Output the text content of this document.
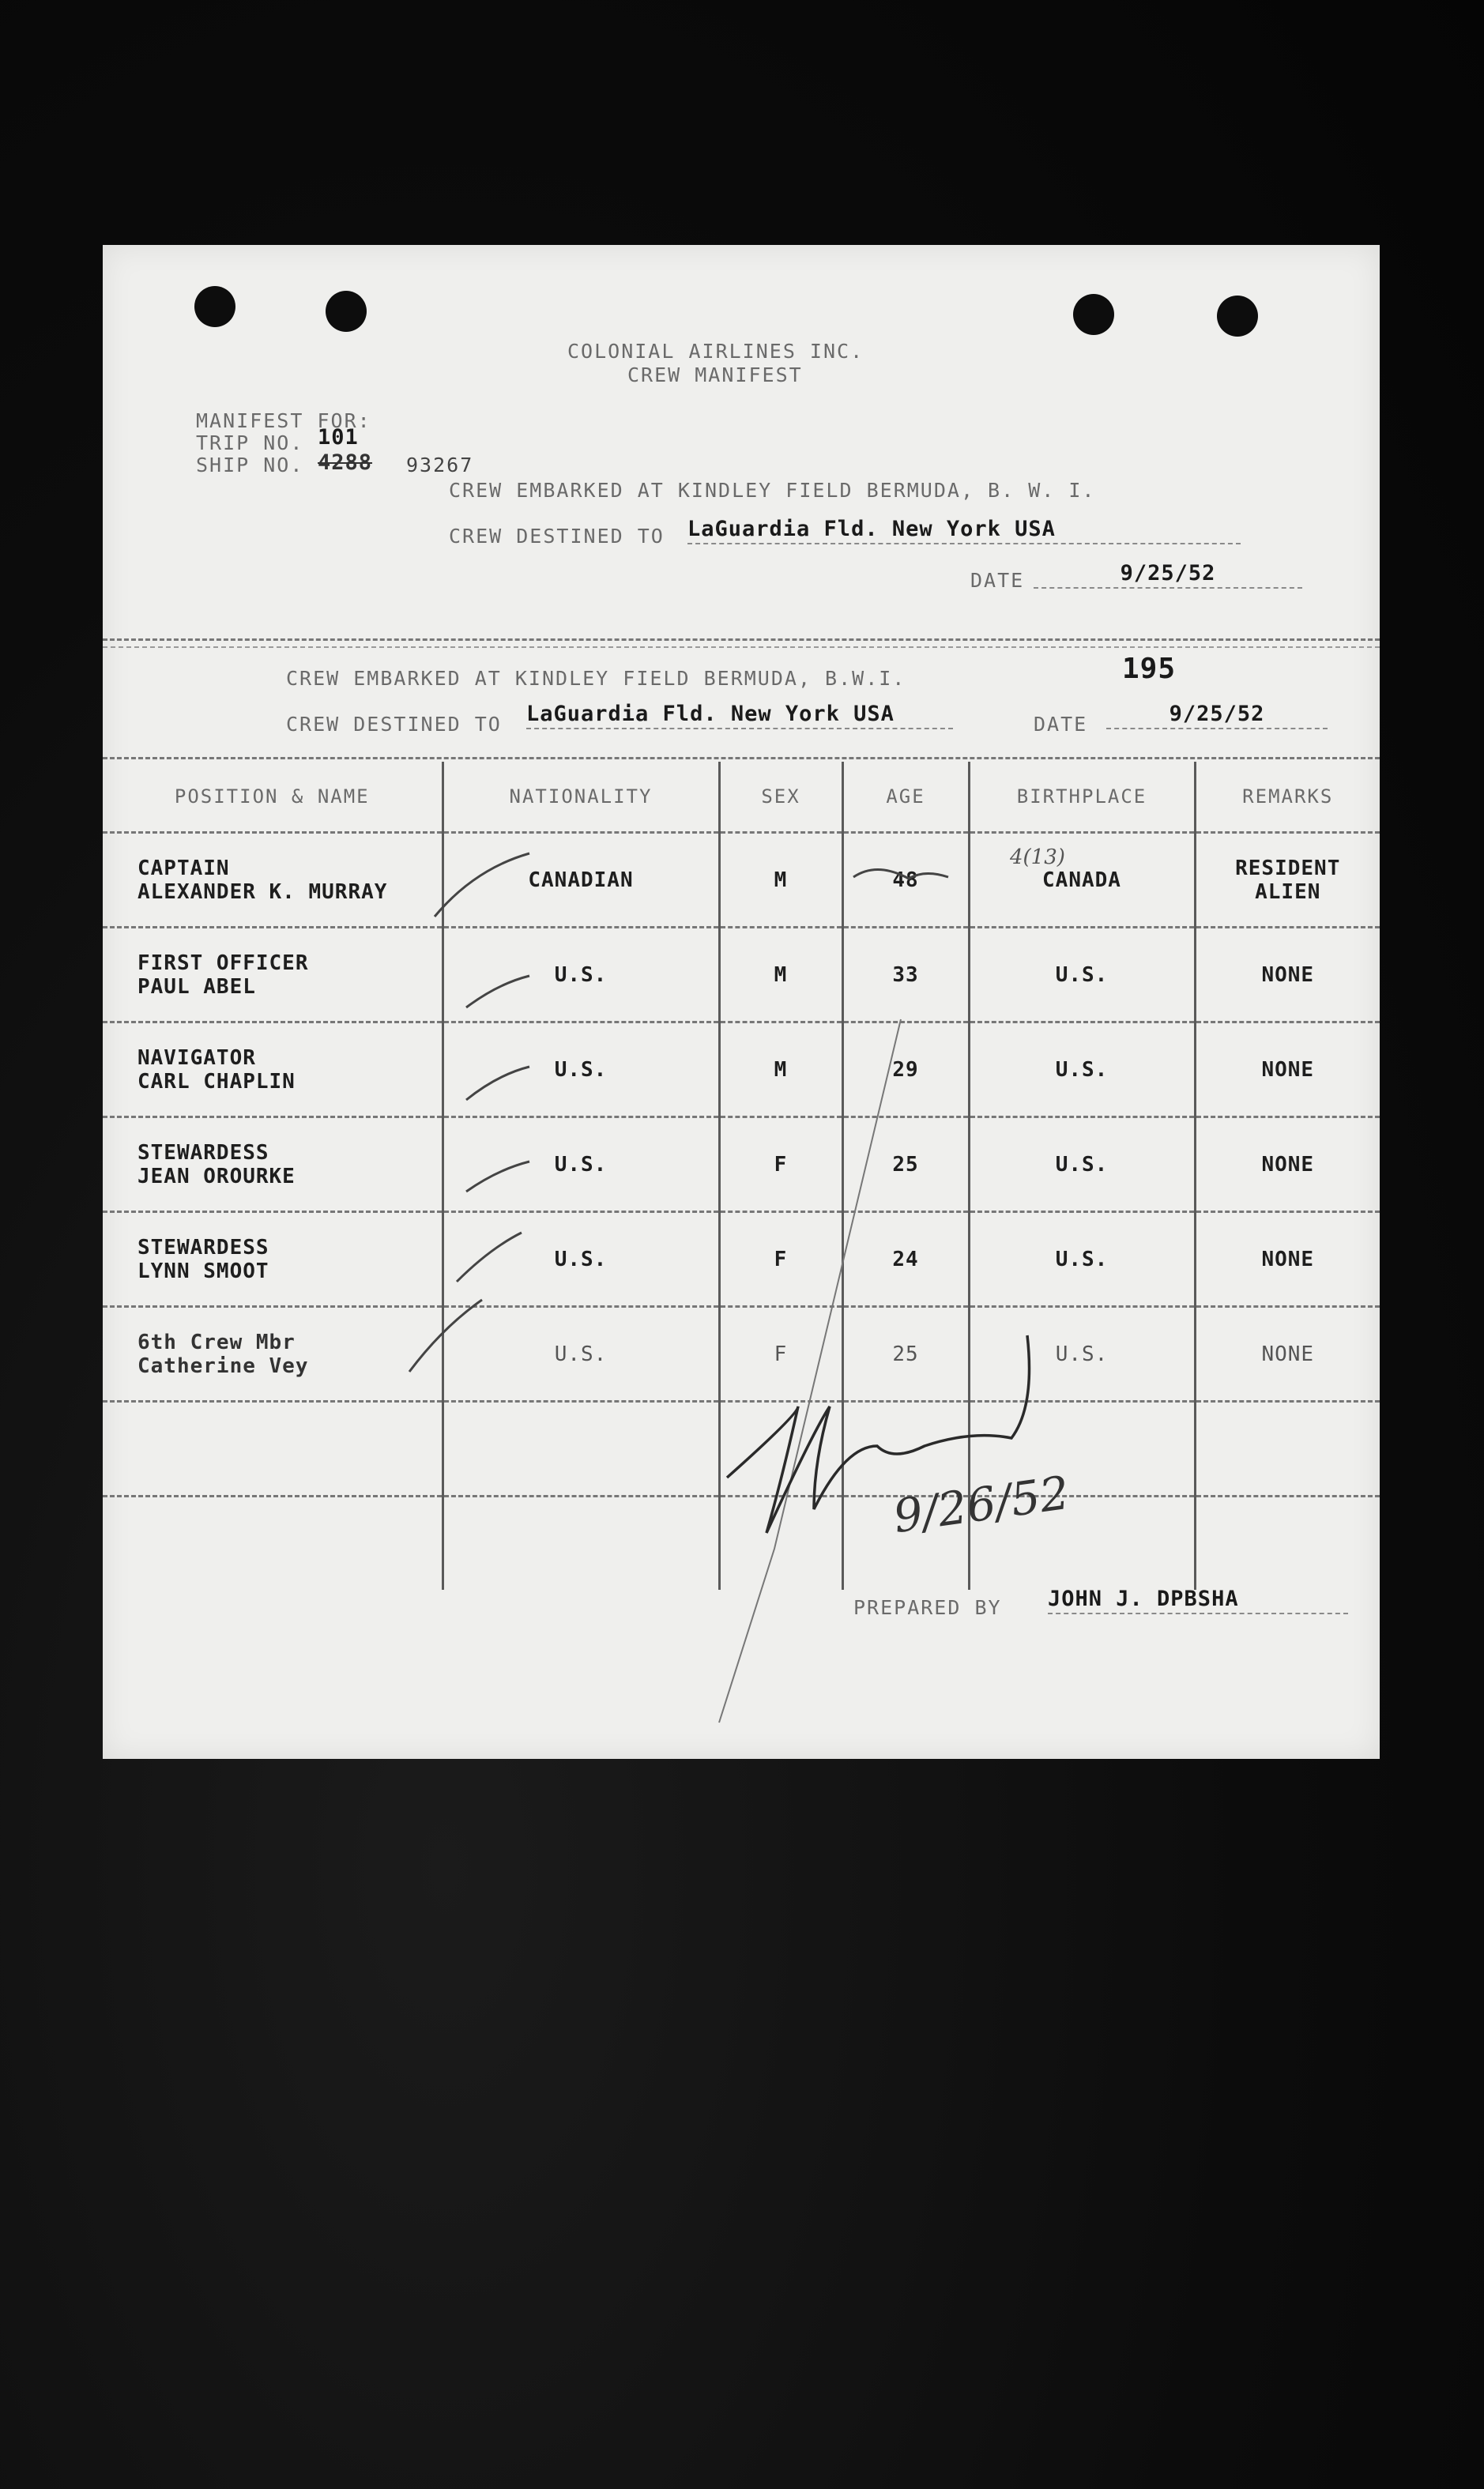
COLONIAL AIRLINES INC.
CREW MANIFEST
MANIFEST FOR:
TRIP NO. 101
SHIP NO. 4288 93267
CREW EMBARKED AT KINDLEY FIELD BERMUDA, B. W. I.
CREW DESTINED TO LaGuardia Fld. New York USA
DATE	9/25/52
CREW EMBARKED AT KINDLEY FIELD BERMUDA, B.W.I.	195
CREW DESTINED TO LaGuardia Fld. New York USA	DATE	9/25/52
POSITION & NAME	NATIONALITY	SEX	AGE	BIRTHPLACE	REMARKS

CAPTAIN
ALEXANDER K. MURRAY	CANADIAN	M	48	CANADA	RESIDENT ALIEN

FIRST OFFICER
PAUL ABEL	U.S.	M	33	U.S.	NONE

NAVIGATOR
CARL CHAPLIN	U.S.	M	29	U.S.	NONE

STEWARDESS
JEAN OROURKE	U.S.	F	25	U.S.	NONE

STEWARDESS
LYNN SMOOT	U.S.	F	24	U.S.	NONE

6th Crew Mbr
Catherine Vey	U.S.	F	25	U.S.	NONE

4(13)
9/26/52
PREPARED BY JOHN J. DPBSHA
